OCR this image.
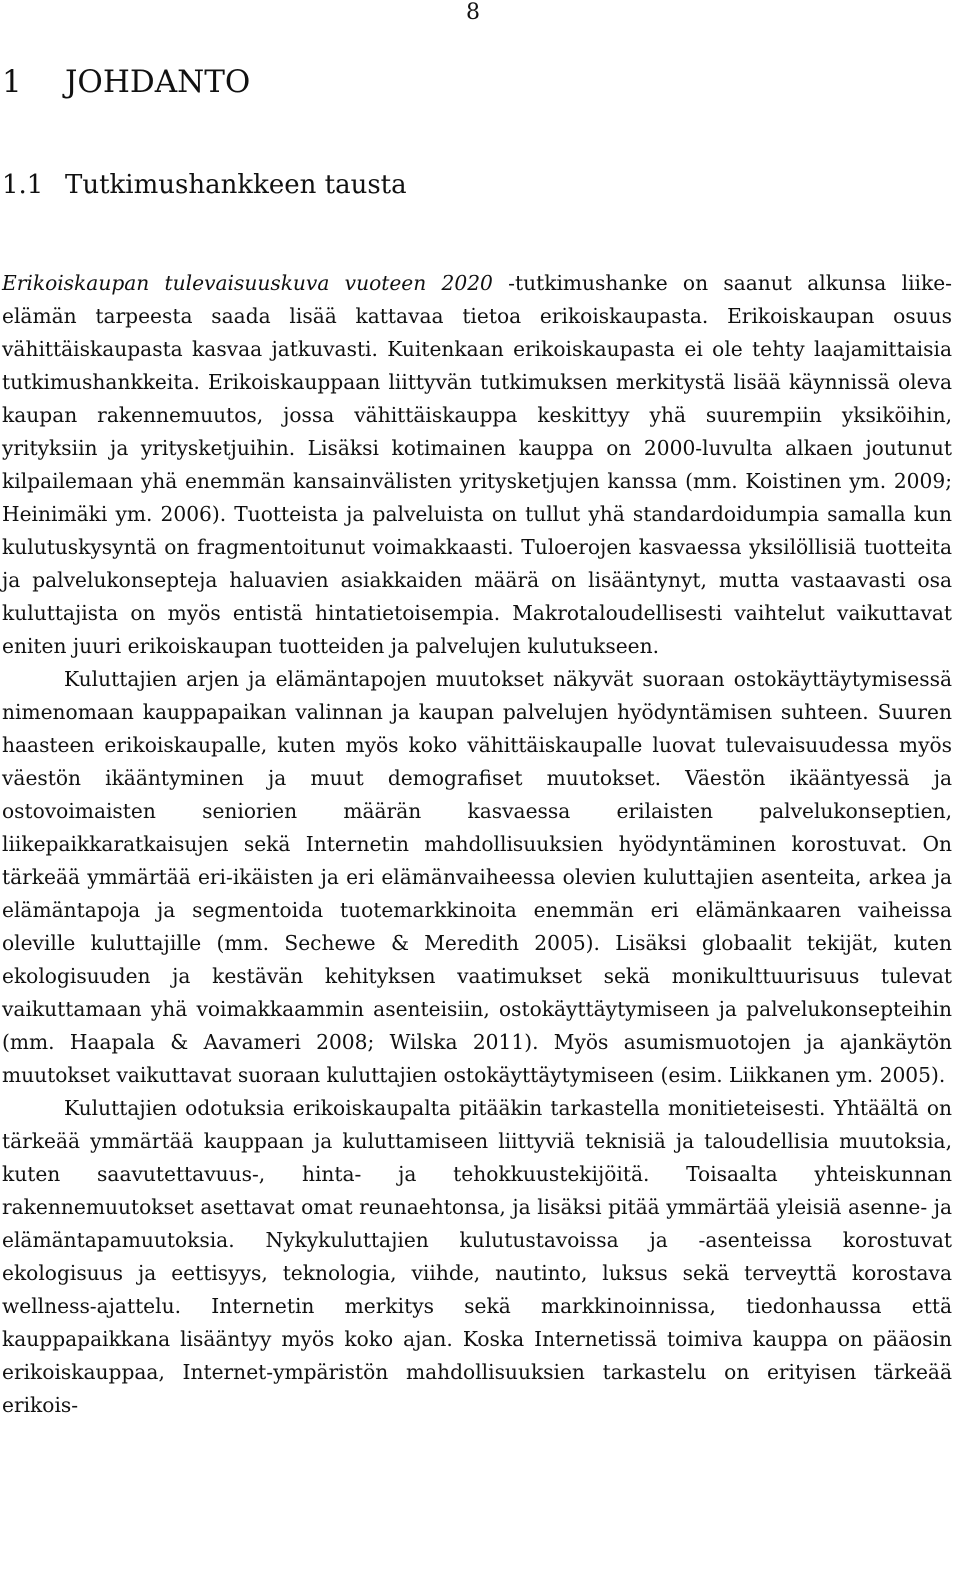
8
1 JOHDANTO
1.1 Tutkimushankkeen tausta

Erikoiskaupan tulevaisuuskuva vuoteen 2020 -tutkimushanke on saanut alkunsa liike-elämän tarpeesta saada lisää kattavaa tietoa erikoiskaupasta. Erikoiskaupan osuus vähittäiskaupasta kasvaa jatkuvasti. Kuitenkaan erikoiskaupasta ei ole tehty laajamittaisia tutkimushankkeita. Erikoiskauppaan liittyvän tutkimuksen merkitystä lisää käynnissä oleva kaupan rakennemuutos, jossa vähittäiskauppa keskittyy yhä suurempiin yksiköihin, yrityksiin ja yritysketjuihin. Lisäksi kotimainen kauppa on 2000-luvulta alkaen joutunut kilpailemaan yhä enemmän kansainvälisten yritysketjujen kanssa (mm. Koistinen ym. 2009; Heinimäki ym. 2006). Tuotteista ja palveluista on tullut yhä standardoidumpia samalla kun kulutuskysyntä on fragmentoitunut voimakkaasti. Tuloerojen kasvaessa yksilöllisiä tuotteita ja palvelukonsepteja haluavien asiakkaiden määrä on lisääntynyt, mutta vastaavasti osa kuluttajista on myös entistä hintatietoisempia. Makrotaloudellisesti vaihtelut vaikuttavat eniten juuri erikoiskaupan tuotteiden ja palvelujen kulutukseen.

Kuluttajien arjen ja elämäntapojen muutokset näkyvät suoraan ostokäyttäytymisessä nimenomaan kauppapaikan valinnan ja kaupan palvelujen hyödyntämisen suhteen. Suuren haasteen erikoiskaupalle, kuten myös koko vähittäiskaupalle luovat tulevaisuudessa myös väestön ikääntyminen ja muut demografiset muutokset. Väestön ikääntyessä ja ostovoimaisten seniorien määrän kasvaessa erilaisten palvelukonseptien, liikepaikkaratkaisujen sekä Internetin mahdollisuuksien hyödyntäminen korostuvat. On tärkeää ymmärtää eri-ikäisten ja eri elämänvaiheessa olevien kuluttajien asenteita, arkea ja elämäntapoja ja segmentoida tuotemarkkinoita enemmän eri elämänkaaren vaiheissa oleville kuluttajille (mm. Sechewe & Meredith 2005). Lisäksi globaalit tekijät, kuten ekologisuuden ja kestävän kehityksen vaatimukset sekä monikulttuurisuus tulevat vaikuttamaan yhä voimakkaammin asenteisiin, ostokäyttäytymiseen ja palvelukonsepteihin (mm. Haapala & Aavameri 2008; Wilska 2011). Myös asumismuotojen ja ajankäytön muutokset vaikuttavat suoraan kuluttajien ostokäyttäytymiseen (esim. Liikkanen ym. 2005).

Kuluttajien odotuksia erikoiskaupalta pitääkin tarkastella monitieteisesti. Yhtäältä on tärkeää ymmärtää kauppaan ja kuluttamiseen liittyviä teknisiä ja taloudellisia muutoksia, kuten saavutettavuus-, hinta- ja tehokkuustekijöitä. Toisaalta yhteiskunnan rakennemuutokset asettavat omat reunaehtonsa, ja lisäksi pitää ymmärtää yleisiä asenne- ja elämäntapamuutoksia. Nykykuluttajien kulutustavoissa ja -asenteissa korostuvat ekologisuus ja eettisyys, teknologia, viihde, nautinto, luksus sekä terveyttä korostava wellness-ajattelu. Internetin merkitys sekä markkinoinnissa, tiedonhaussa että kauppapaikkana lisääntyy myös koko ajan. Koska Internetissä toimiva kauppa on pääosin erikoiskauppaa, Internet-ympäristön mahdollisuuksien tarkastelu on erityisen tärkeää erikois-
